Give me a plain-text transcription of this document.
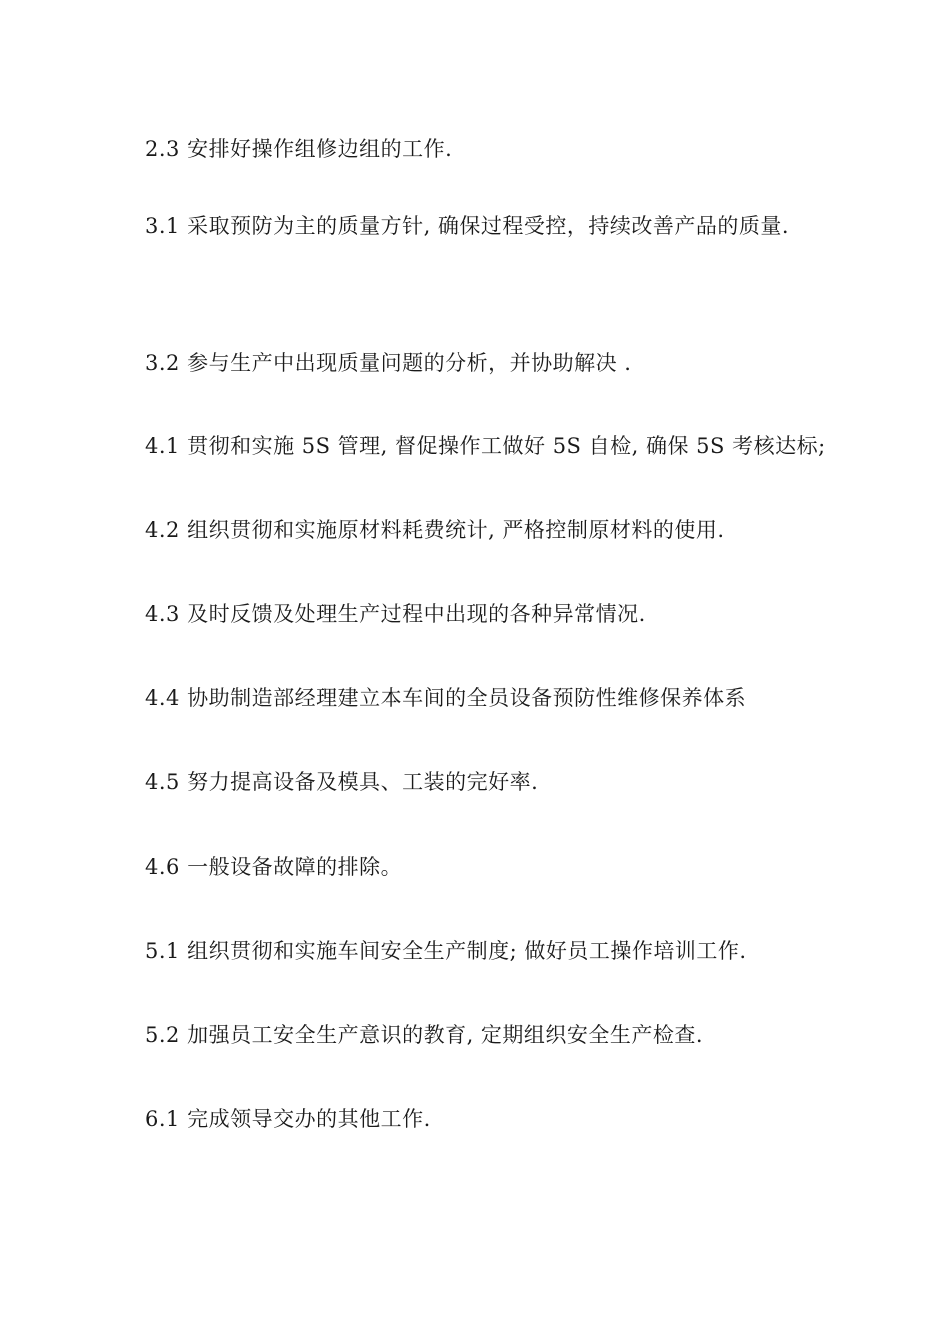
2.3 安排好操作组修边组的工作.
3.1 采取预防为主的质量方针, 确保过程受控，持续改善产品的质量.
3.2 参与生产中出现质量问题的分析，并协助解决 .
4.1 贯彻和实施 5S 管理, 督促操作工做好 5S 自检, 确保 5S 考核达标;
4.2 组织贯彻和实施原材料耗费统计, 严格控制原材料的使用.
4.3 及时反馈及处理生产过程中出现的各种异常情况.
4.4 协助制造部经理建立本车间的全员设备预防性维修保养体系
4.5 努力提高设备及模具、工装的完好率.
4.6 一般设备故障的排除。
5.1 组织贯彻和实施车间安全生产制度; 做好员工操作培训工作.
5.2 加强员工安全生产意识的教育, 定期组织安全生产检查.
6.1 完成领导交办的其他工作.
